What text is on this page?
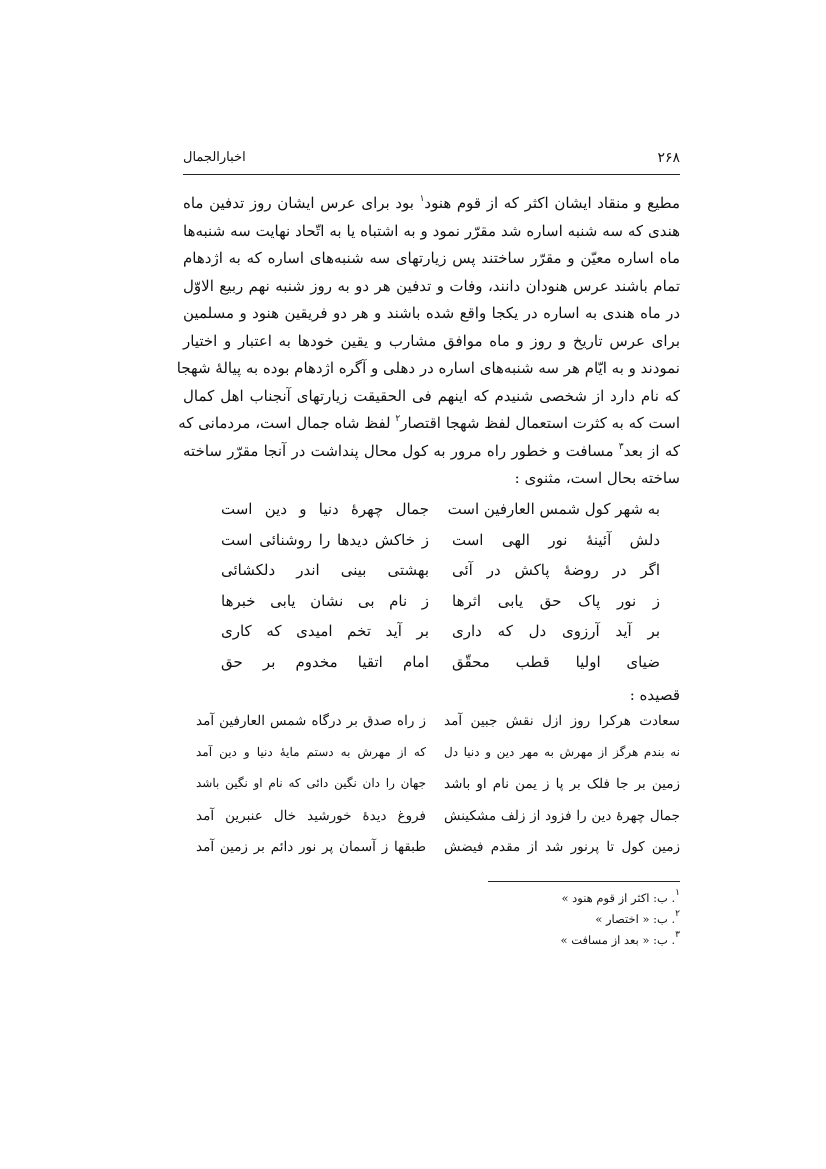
۲۶۸
اخبارالجمال
مطیع و منقاد ایشان اکثر که از قوم هنود$^۱$ بود برای عرس ایشان روز تدفین ماه
هندی که سه شنبه اساره شد مقرّر نمود و به اشتباه یا به اتّحاد نهایت سه شنبه‌ها
ماه اساره معیّن و مقرّر ساختند پس زیارتهای سه شنبه‌های اساره که به اژدهام
تمام باشند عرس هنودان دانند، وفات و تدفین هر دو به روز شنبه نهم ربیع الاوّل
در ماه هندی به اساره در یکجا واقع شده باشند و هر دو فریقین هنود و مسلمین
برای عرس تاریخ و روز و ماه موافق مشارب و یقین خودها به اعتبار و اختیار
نمودند و به ایّام هر سه شنبه‌های اساره در دهلی و آگره اژدهام بوده به پیالهٔ شهجا
که نام دارد از شخصی شنیدم که اینهم فی الحقیقت زیارتهای آنجناب اهل کمال
است که به کثرت استعمال لفظ شهجا اقتصار$^۲$ لفظ شاه جمال است، مردمانی که
که از بعد$^۳$ مسافت و خطور راه مرور به کول محال پنداشت در آنجا مقرّر ساخته
ساخته بحال است، مثنوی :
به شهر کول شمس العارفین است
جمال چهرهٔ دنیا و دین است
دلش آئینهٔ نور الهی است
ز خاکش دیدها را روشنائی است
اگر در روضهٔ پاکش در آئی
بهشتی بینی اندر دلکشائی
ز نور پاک حق یابی اثرها
ز نام بی نشان یابی خبرها
بر آید آرزوی دل که داری
بر آید تخم امیدی که کاری
ضیای اولیا قطب محقّق
امام اتقیا مخدوم بر حق
قصیده :
سعادت هرکرا روز ازل نقش جبین آمد
ز راه صدق بر درگاه شمس العارفین آمد
نه بندم هرگز از مهرش به مهر دین و دنیا دل
که از مهرش به دستم مایهٔ دنیا و دین آمد
زمین بر جا فلک بر پا ز یمن نام او باشد
جهان را دان نگین دائی که نام او نگین باشد
جمال چهرهٔ دین را فزود از زلف مشکینش
فروغ دیدهٔ خورشید خال عنبرین آمد
زمین کول تا پرنور شد از مقدم فیضش
طبقها ز آسمان پر نور دائم بر زمین آمد
$^۱$. ب: اکثر از قوم هنود »
$^۲$. ب: « اختصار »
$^۳$. ب: « بعد از مسافت »
